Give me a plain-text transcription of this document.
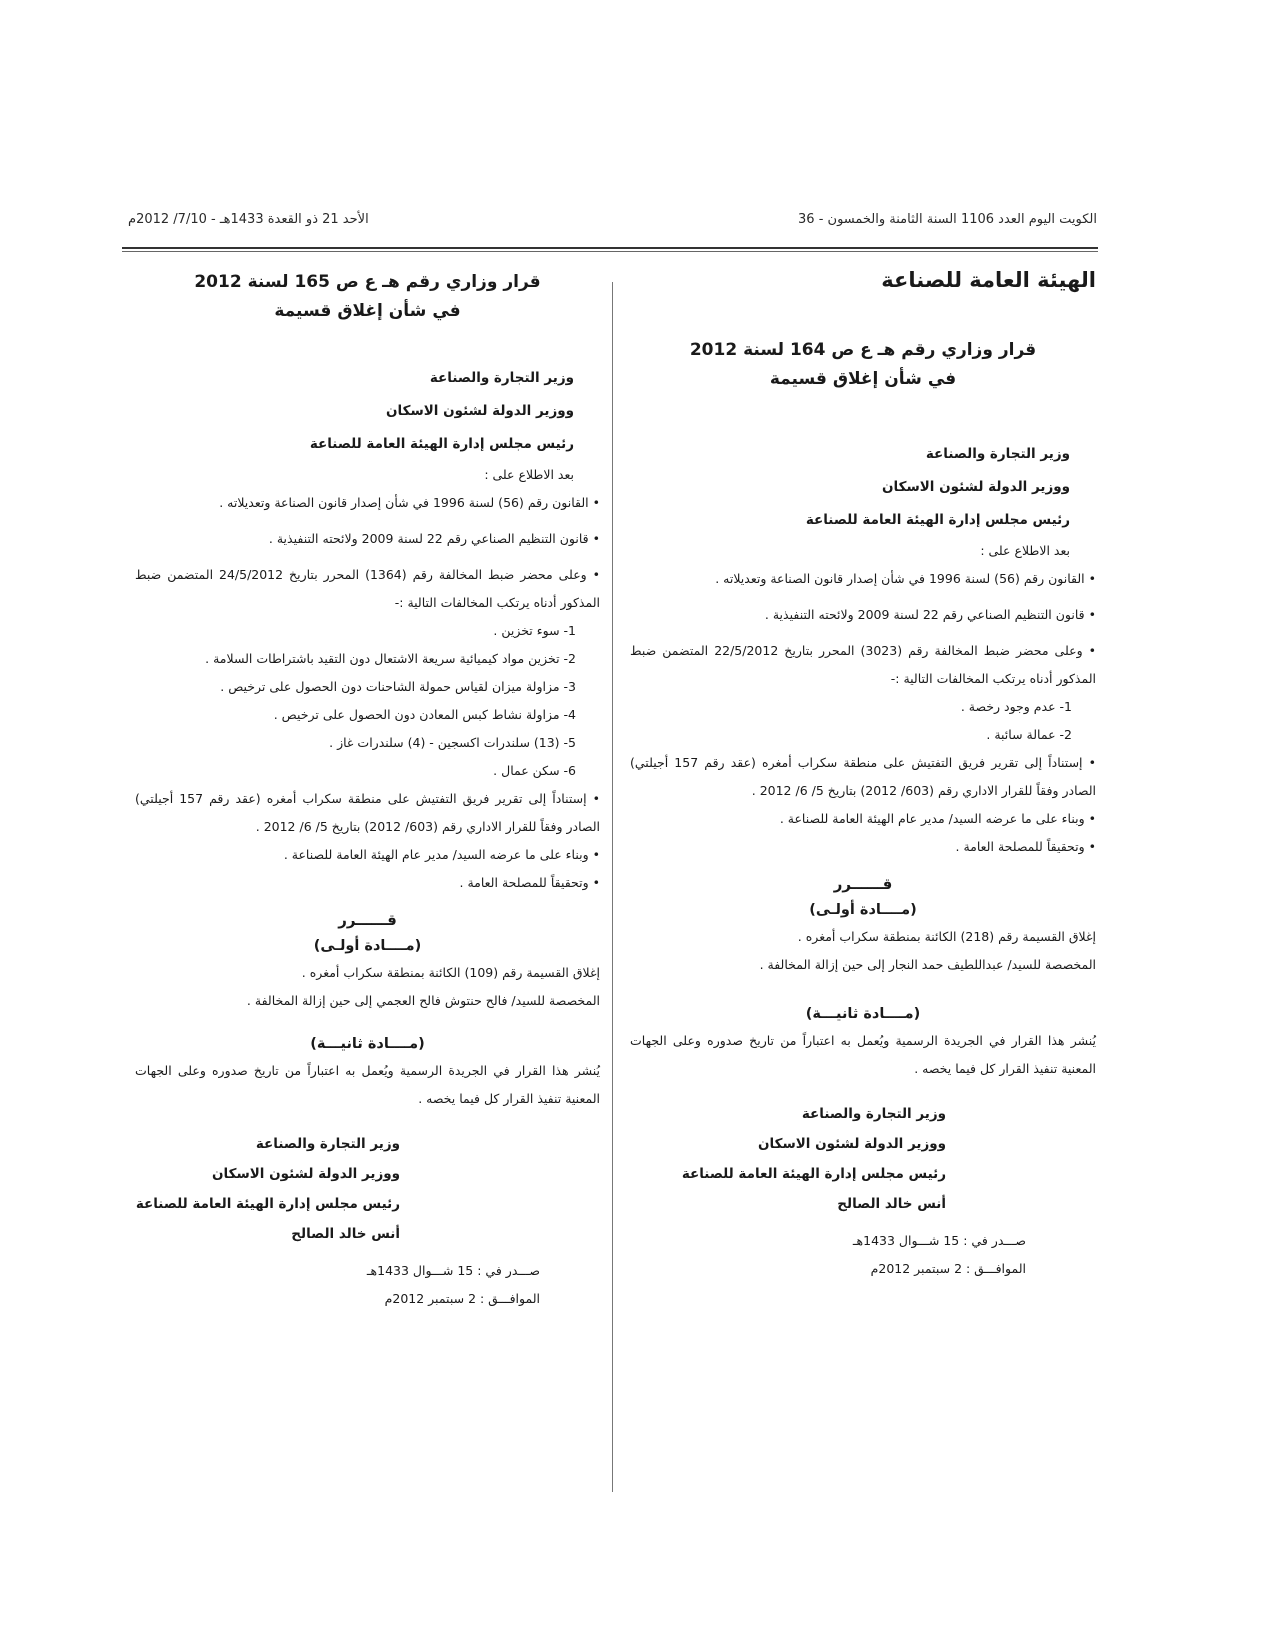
الكويت اليوم العدد 1106 السنة الثامنة والخمسون - 36
الأحد 21 ذو القعدة 1433هـ - 7/10/ 2012م
الهيئة العامة للصناعة
قرار وزاري رقم هـ ع ص 164 لسنة 2012
في شأن إغلاق قسيمة
وزير التجارة والصناعة
ووزير الدولة لشئون الاسكان
رئيس مجلس إدارة الهيئة العامة للصناعة
بعد الاطلاع على :

• القانون رقم (56) لسنة 1996 في شأن إصدار قانون الصناعة وتعديلاته .

• قانون التنظيم الصناعي رقم 22 لسنة 2009 ولائحته التنفيذية .

• وعلى محضر ضبط المخالفة رقم (3023) المحرر بتاريخ 22/5/2012 المتضمن ضبط المذكور أدناه يرتكب المخالفات التالية :-

1- عدم وجود رخصة .

2- عمالة سائبة .

• إستناداً إلى تقرير فريق التفتيش على منطقة سكراب أمغره (عقد رقم 157 أجيلتي) الصادر وفقاً للقرار الاداري رقم (603/ 2012) بتاريخ 5/ 6/ 2012 .

• وبناء على ما عرضه السيد/ مدير عام الهيئة العامة للصناعة .

• وتحقيقاً للمصلحة العامة .

قــــــرر
(مــــادة أولـى)

إغلاق القسيمة رقم (218) الكائنة بمنطقة سكراب أمغره .

المخصصة للسيد/ عبداللطيف حمد النجار إلى حين إزالة المخالفة .

(مــــادة ثانيـــة)

يُنشر هذا القرار في الجريدة الرسمية ويُعمل به اعتباراً من تاريخ صدوره وعلى الجهات المعنية تنفيذ القرار كل فيما يخصه .

وزير التجارة والصناعة
ووزير الدولة لشئون الاسكان
رئيس مجلس إدارة الهيئة العامة للصناعة
أنس خالد الصالح
صـــدر في : 15 شـــوال 1433هـ
الموافـــق : 2 سبتمبر 2012م
قرار وزاري رقم هـ ع ص 165 لسنة 2012
في شأن إغلاق قسيمة
وزير التجارة والصناعة
ووزير الدولة لشئون الاسكان
رئيس مجلس إدارة الهيئة العامة للصناعة
بعد الاطلاع على :

• القانون رقم (56) لسنة 1996 في شأن إصدار قانون الصناعة وتعديلاته .

• قانون التنظيم الصناعي رقم 22 لسنة 2009 ولائحته التنفيذية .

• وعلى محضر ضبط المخالفة رقم (1364) المحرر بتاريخ 24/5/2012 المتضمن ضبط المذكور أدناه يرتكب المخالفات التالية :-

1- سوء تخزين .

2- تخزين مواد كيميائية سريعة الاشتعال دون التقيد باشتراطات السلامة .

3- مزاولة ميزان لقياس حمولة الشاحنات دون الحصول على ترخيص .

4- مزاولة نشاط كبس المعادن دون الحصول على ترخيص .

5- (13) سلندرات اكسجين - (4) سلندرات غاز .

6- سكن عمال .

• إستناداً إلى تقرير فريق التفتيش على منطقة سكراب أمغره (عقد رقم 157 أجيلتي) الصادر وفقاً للقرار الاداري رقم (603/ 2012) بتاريخ 5/ 6/ 2012 .

• وبناء على ما عرضه السيد/ مدير عام الهيئة العامة للصناعة .

• وتحقيقاً للمصلحة العامة .

قــــــرر
(مــــادة أولـى)

إغلاق القسيمة رقم (109) الكائنة بمنطقة سكراب أمغره .

المخصصة للسيد/ فالح حنتوش فالح العجمي إلى حين إزالة المخالفة .

(مــــادة ثانيـــة)

يُنشر هذا القرار في الجريدة الرسمية ويُعمل به اعتباراً من تاريخ صدوره وعلى الجهات المعنية تنفيذ القرار كل فيما يخصه .

وزير التجارة والصناعة
ووزير الدولة لشئون الاسكان
رئيس مجلس إدارة الهيئة العامة للصناعة
أنس خالد الصالح
صـــدر في : 15 شـــوال 1433هـ
الموافـــق : 2 سبتمبر 2012م
